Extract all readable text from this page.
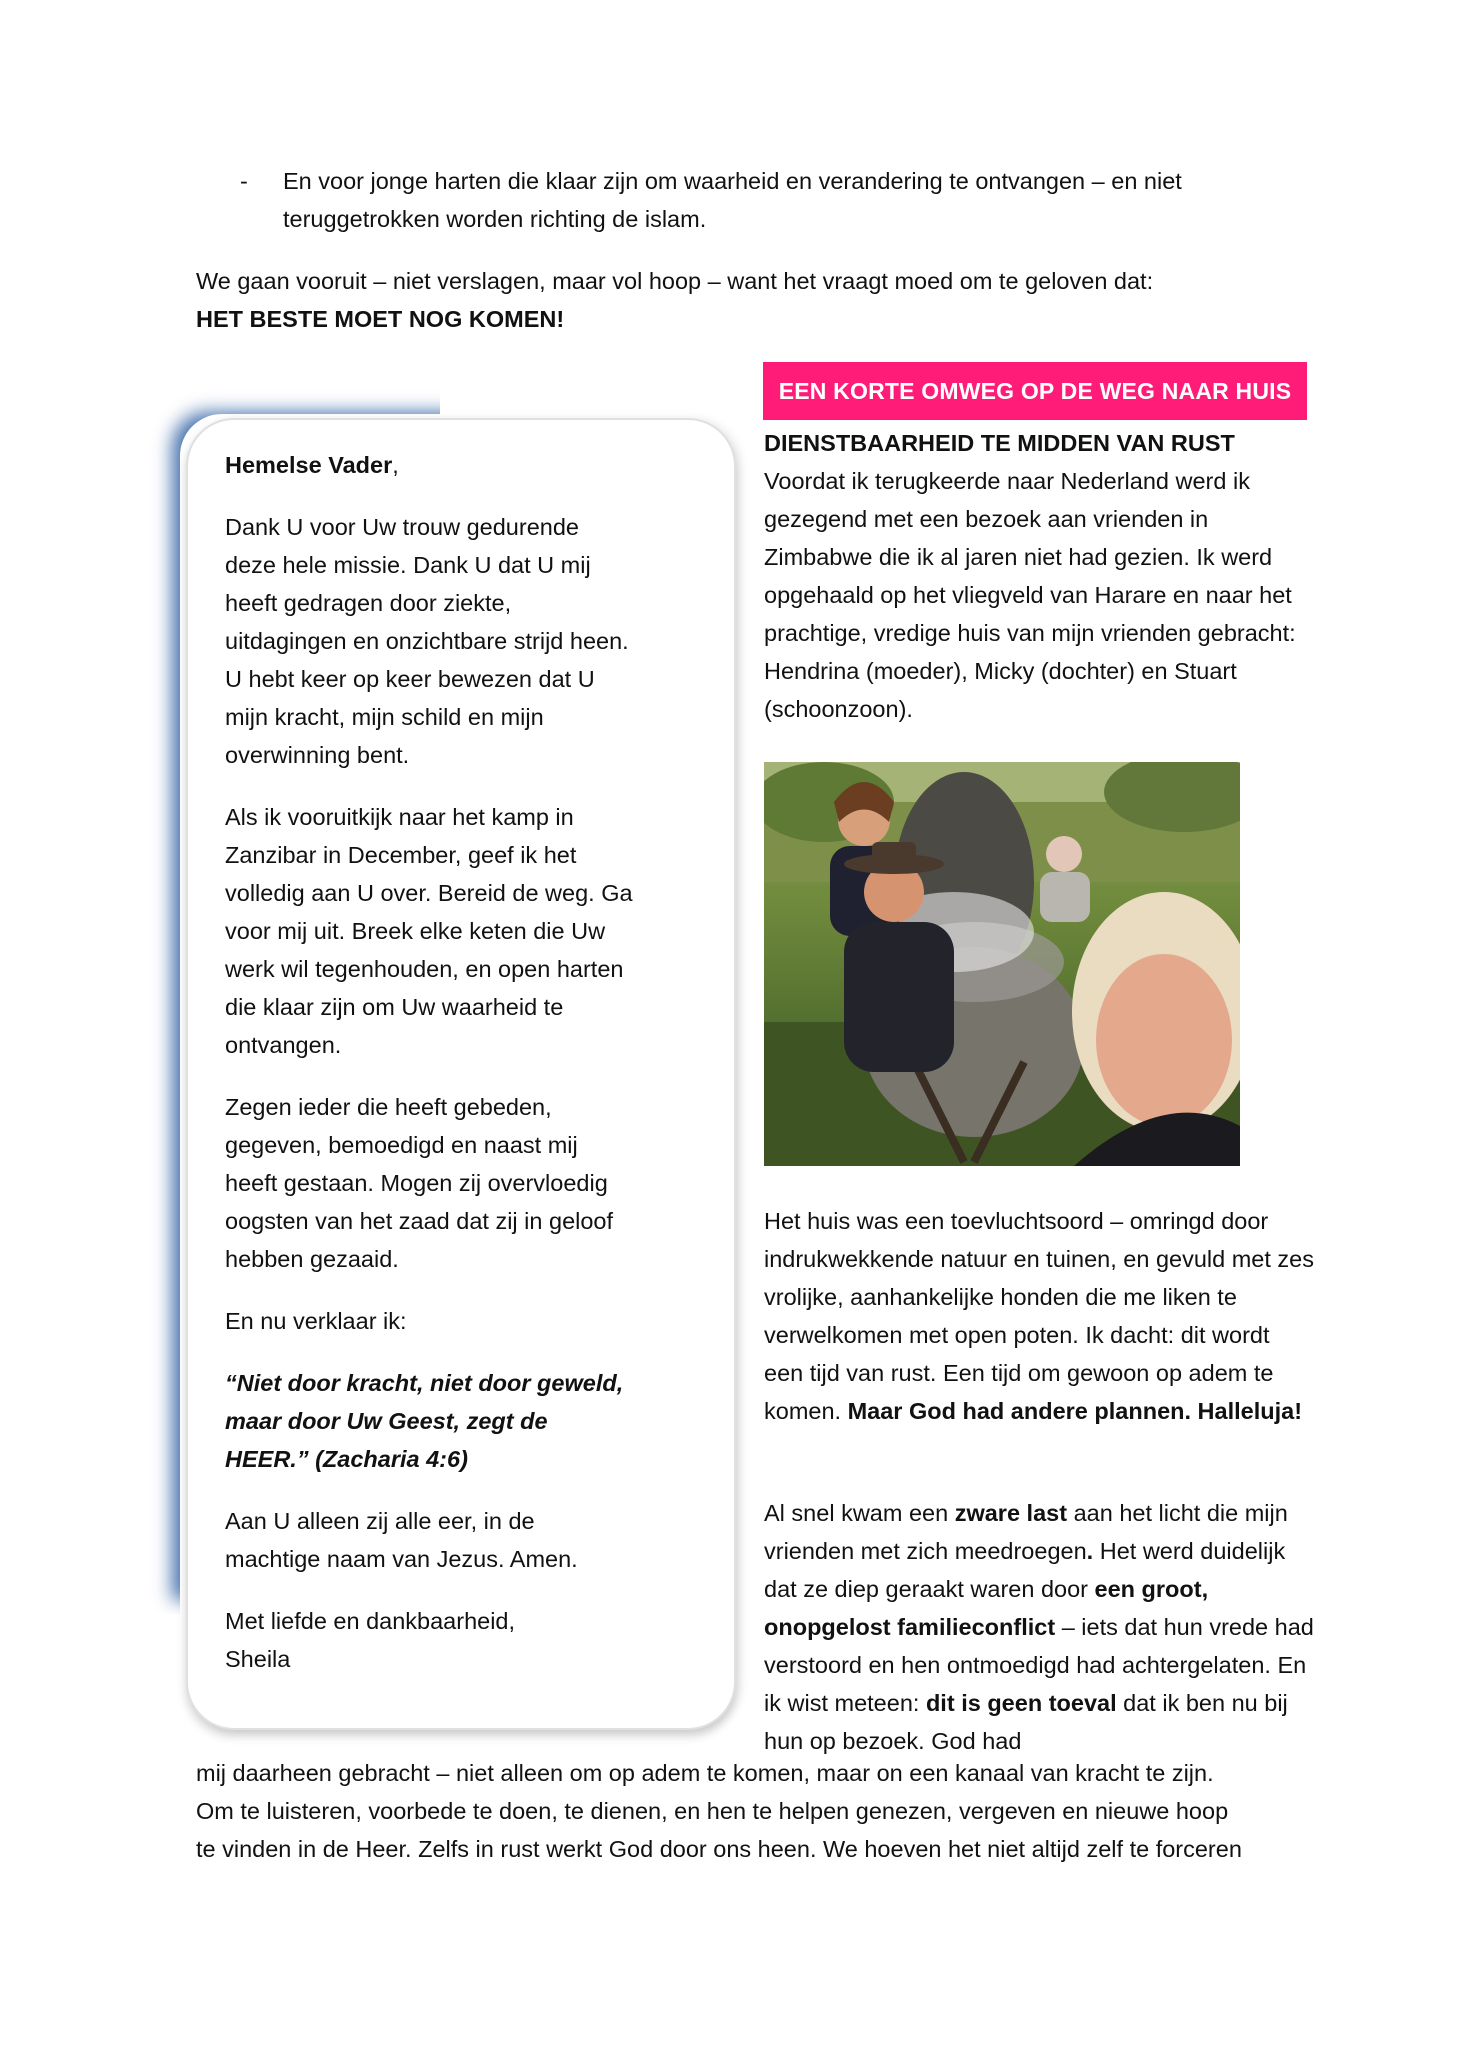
- En voor jonge harten die klaar zijn om waarheid en verandering te ontvangen – en niet
teruggetrokken worden richting de islam.
We gaan vooruit – niet verslagen, maar vol hoop – want het vraagt moed om te geloven dat:
HET BESTE MOET NOG KOMEN!

Hemelse Vader,

Dank U voor Uw trouw gedurende deze hele missie. Dank U dat U mij heeft gedragen door ziekte, uitdagingen en onzichtbare strijd heen. U hebt keer op keer bewezen dat U mijn kracht, mijn schild en mijn overwinning bent.

Als ik vooruitkijk naar het kamp in Zanzibar in December, geef ik het volledig aan U over. Bereid de weg. Ga voor mij uit. Breek elke keten die Uw werk wil tegenhouden, en open harten die klaar zijn om Uw waarheid te ontvangen.

Zegen ieder die heeft gebeden, gegeven, bemoedigd en naast mij heeft gestaan. Mogen zij overvloedig oogsten van het zaad dat zij in geloof hebben gezaaid.

En nu verklaar ik:

“Niet door kracht, niet door geweld, maar door Uw Geest, zegt de HEER.” (Zacharia 4:6)

Aan U alleen zij alle eer, in de machtige naam van Jezus. Amen.

Met liefde en dankbaarheid,
Sheila

EEN KORTE OMWEG OP DE WEG NAAR HUIS
DIENSTBAARHEID TE MIDDEN VAN RUST
Voordat ik terugkeerde naar Nederland werd ik gezegend met een bezoek aan vrienden in Zimbabwe die ik al jaren niet had gezien. Ik werd opgehaald op het vliegveld van Harare en naar het prachtige, vredige huis van mijn vrienden gebracht: Hendrina (moeder), Micky (dochter) en Stuart (schoonzoon).
Het huis was een toevluchtsoord – omringd door indrukwekkende natuur en tuinen, en gevuld met zes vrolijke, aanhankelijke honden die me liken te verwelkomen met open poten. Ik dacht: dit wordt een tijd van rust. Een tijd om gewoon op adem te komen. Maar God had andere plannen. Halleluja!
Al snel kwam een zware last aan het licht die mijn vrienden met zich meedroegen. Het werd duidelijk dat ze diep geraakt waren door een groot, onopgelost familieconflict – iets dat hun vrede had verstoord en hen ontmoedigd had achtergelaten. En ik wist meteen: dit is geen toeval dat ik ben nu bij hun op bezoek. God had
mij daarheen gebracht – niet alleen om op adem te komen, maar on een kanaal van kracht te zijn.
Om te luisteren, voorbede te doen, te dienen, en hen te helpen genezen, vergeven en nieuwe hoop
te vinden in de Heer. Zelfs in rust werkt God door ons heen. We hoeven het niet altijd zelf te forceren
